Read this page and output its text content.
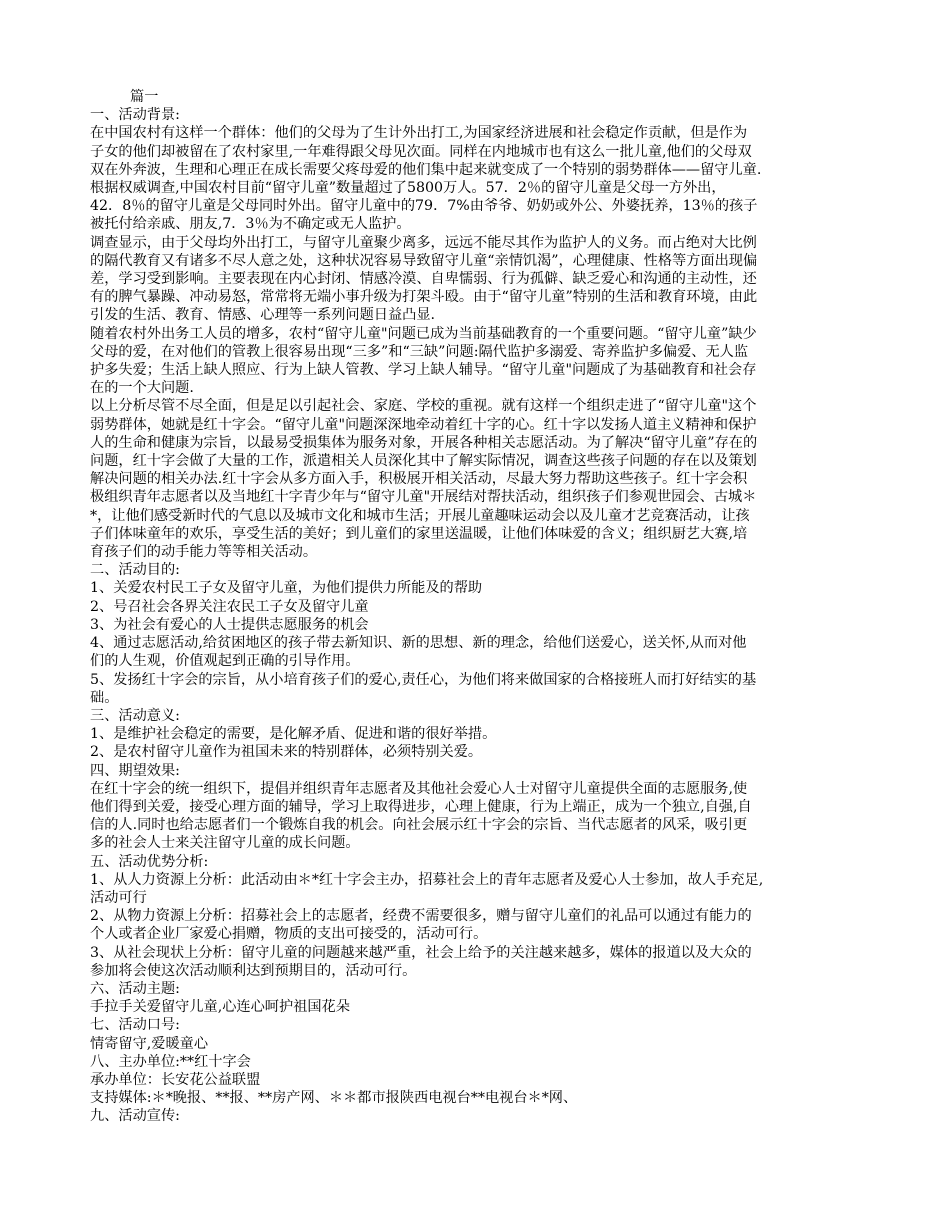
篇一
一、活动背景:
在中国农村有这样一个群体：他们的父母为了生计外出打工,为国家经济进展和社会稳定作贡献，但是作为
子女的他们却被留在了农村家里,一年难得跟父母见次面。同样在内地城市也有这么一批儿童,他们的父母双
双在外奔波，生理和心理正在成长需要父疼母爱的他们集中起来就变成了一个特别的弱势群体——留守儿童.
根据权威调查,中国农村目前“留守儿童”数量超过了5800万人。57．2％的留守儿童是父母一方外出，
42．8％的留守儿童是父母同时外出。留守儿童中的79．7%由爷爷、奶奶或外公、外婆抚养，13％的孩子
被托付给亲戚、朋友,7．3％为不确定或无人监护。
调查显示，由于父母均外出打工，与留守儿童聚少离多，远远不能尽其作为监护人的义务。而占绝对大比例
的隔代教育又有诸多不尽人意之处，这种状况容易导致留守儿童“亲情饥渴”，心理健康、性格等方面出现偏
差，学习受到影响。主要表现在内心封闭、情感冷漠、自卑懦弱、行为孤僻、缺乏爱心和沟通的主动性，还
有的脾气暴躁、冲动易怒，常常将无端小事升级为打架斗殴。由于“留守儿童”特别的生活和教育环境，由此
引发的生活、教育、情感、心理等一系列问题日益凸显.
随着农村外出务工人员的增多，农村“留守儿童"问题已成为当前基础教育的一个重要问题。“留守儿童”缺少
父母的爱，在对他们的管教上很容易出现“三多”和“三缺”问题:隔代监护多溺爱、寄养监护多偏爱、无人监
护多失爱；生活上缺人照应、行为上缺人管教、学习上缺人辅导。“留守儿童"问题成了为基础教育和社会存
在的一个大问题.
以上分析尽管不尽全面，但是足以引起社会、家庭、学校的重视。就有这样一个组织走进了“留守儿童"这个
弱势群体，她就是红十字会。“留守儿童"问题深深地牵动着红十字的心。红十字以发扬人道主义精神和保护
人的生命和健康为宗旨，以最易受损集体为服务对象，开展各种相关志愿活动。为了解决“留守儿童”存在的
问题，红十字会做了大量的工作，派遣相关人员深化其中了解实际情况，调查这些孩子问题的存在以及策划
解决问题的相关办法.红十字会从多方面入手，积极展开相关活动，尽最大努力帮助这些孩子。红十字会积
极组织青年志愿者以及当地红十字青少年与“留守儿童"开展结对帮扶活动，组织孩子们参观世园会、古城＊
*，让他们感受新时代的气息以及城市文化和城市生活；开展儿童趣味运动会以及儿童才艺竞赛活动，让孩
子们体味童年的欢乐，享受生活的美好；到儿童们的家里送温暖，让他们体味爱的含义；组织厨艺大赛,培
育孩子们的动手能力等等相关活动。
二、活动目的:
1、关爱农村民工子女及留守儿童，为他们提供力所能及的帮助
2、号召社会各界关注农民工子女及留守儿童
3、为社会有爱心的人士提供志愿服务的机会
4、通过志愿活动,给贫困地区的孩子带去新知识、新的思想、新的理念，给他们送爱心，送关怀,从而对他
们的人生观，价值观起到正确的引导作用。
5、发扬红十字会的宗旨，从小培育孩子们的爱心,责任心，为他们将来做国家的合格接班人而打好结实的基
础。
三、活动意义:
1、是维护社会稳定的需要，是化解矛盾、促进和谐的很好举措。
2、是农村留守儿童作为祖国未来的特别群体，必须特别关爱。
四、期望效果:
在红十字会的统一组织下，提倡并组织青年志愿者及其他社会爱心人士对留守儿童提供全面的志愿服务,使
他们得到关爱，接受心理方面的辅导，学习上取得进步，心理上健康，行为上端正，成为一个独立,自强,自
信的人.同时也给志愿者们一个锻炼自我的机会。向社会展示红十字会的宗旨、当代志愿者的风采，吸引更
多的社会人士来关注留守儿童的成长问题。
五、活动优势分析:
1、从人力资源上分析：此活动由＊*红十字会主办，招募社会上的青年志愿者及爱心人士参加，故人手充足,
活动可行
2、从物力资源上分析：招募社会上的志愿者，经费不需要很多，赠与留守儿童们的礼品可以通过有能力的
个人或者企业厂家爱心捐赠，物质的支出可接受的，活动可行。
3、从社会现状上分析：留守儿童的问题越来越严重，社会上给予的关注越来越多，媒体的报道以及大众的
参加将会使这次活动顺利达到预期目的，活动可行。
六、活动主题:
手拉手关爱留守儿童,心连心呵护祖国花朵
七、活动口号:
情寄留守,爱暖童心
八、主办单位:**红十字会
承办单位：长安花公益联盟
支持媒体:＊*晚报、**报、**房产网、＊＊都市报陕西电视台**电视台＊*网、
九、活动宣传:
